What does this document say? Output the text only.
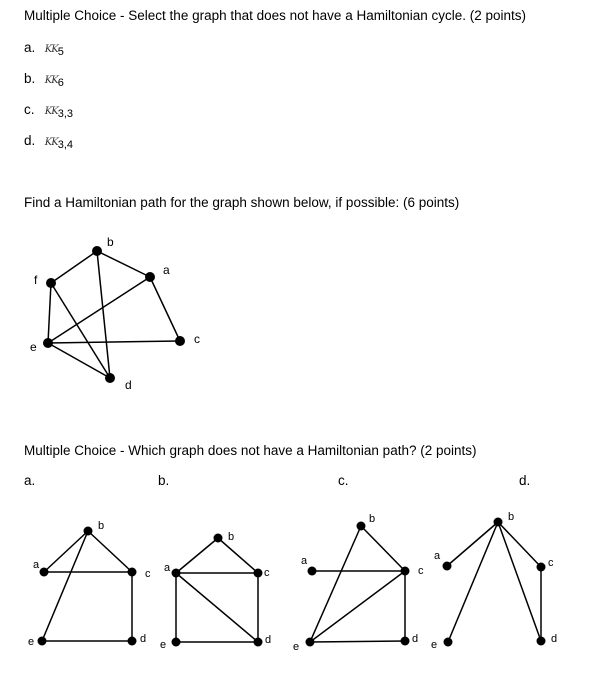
Multiple Choice - Select the graph that does not have a Hamiltonian cycle. (2 points)
a. $KK_5$
b. $KK_6$
c. $KK_{3,3}$
d. $KK_{3,4}$
Find a Hamiltonian path for the graph shown below, if possible: (6 points)
b
a
f
e
c
d
Multiple Choice - Which graph does not have a Hamiltonian path? (2 points)
a.	b.	c.	d.
b
a
c
e	d
b
a	c
e	d
b
a
c
e
d
b
a
c
e	d
